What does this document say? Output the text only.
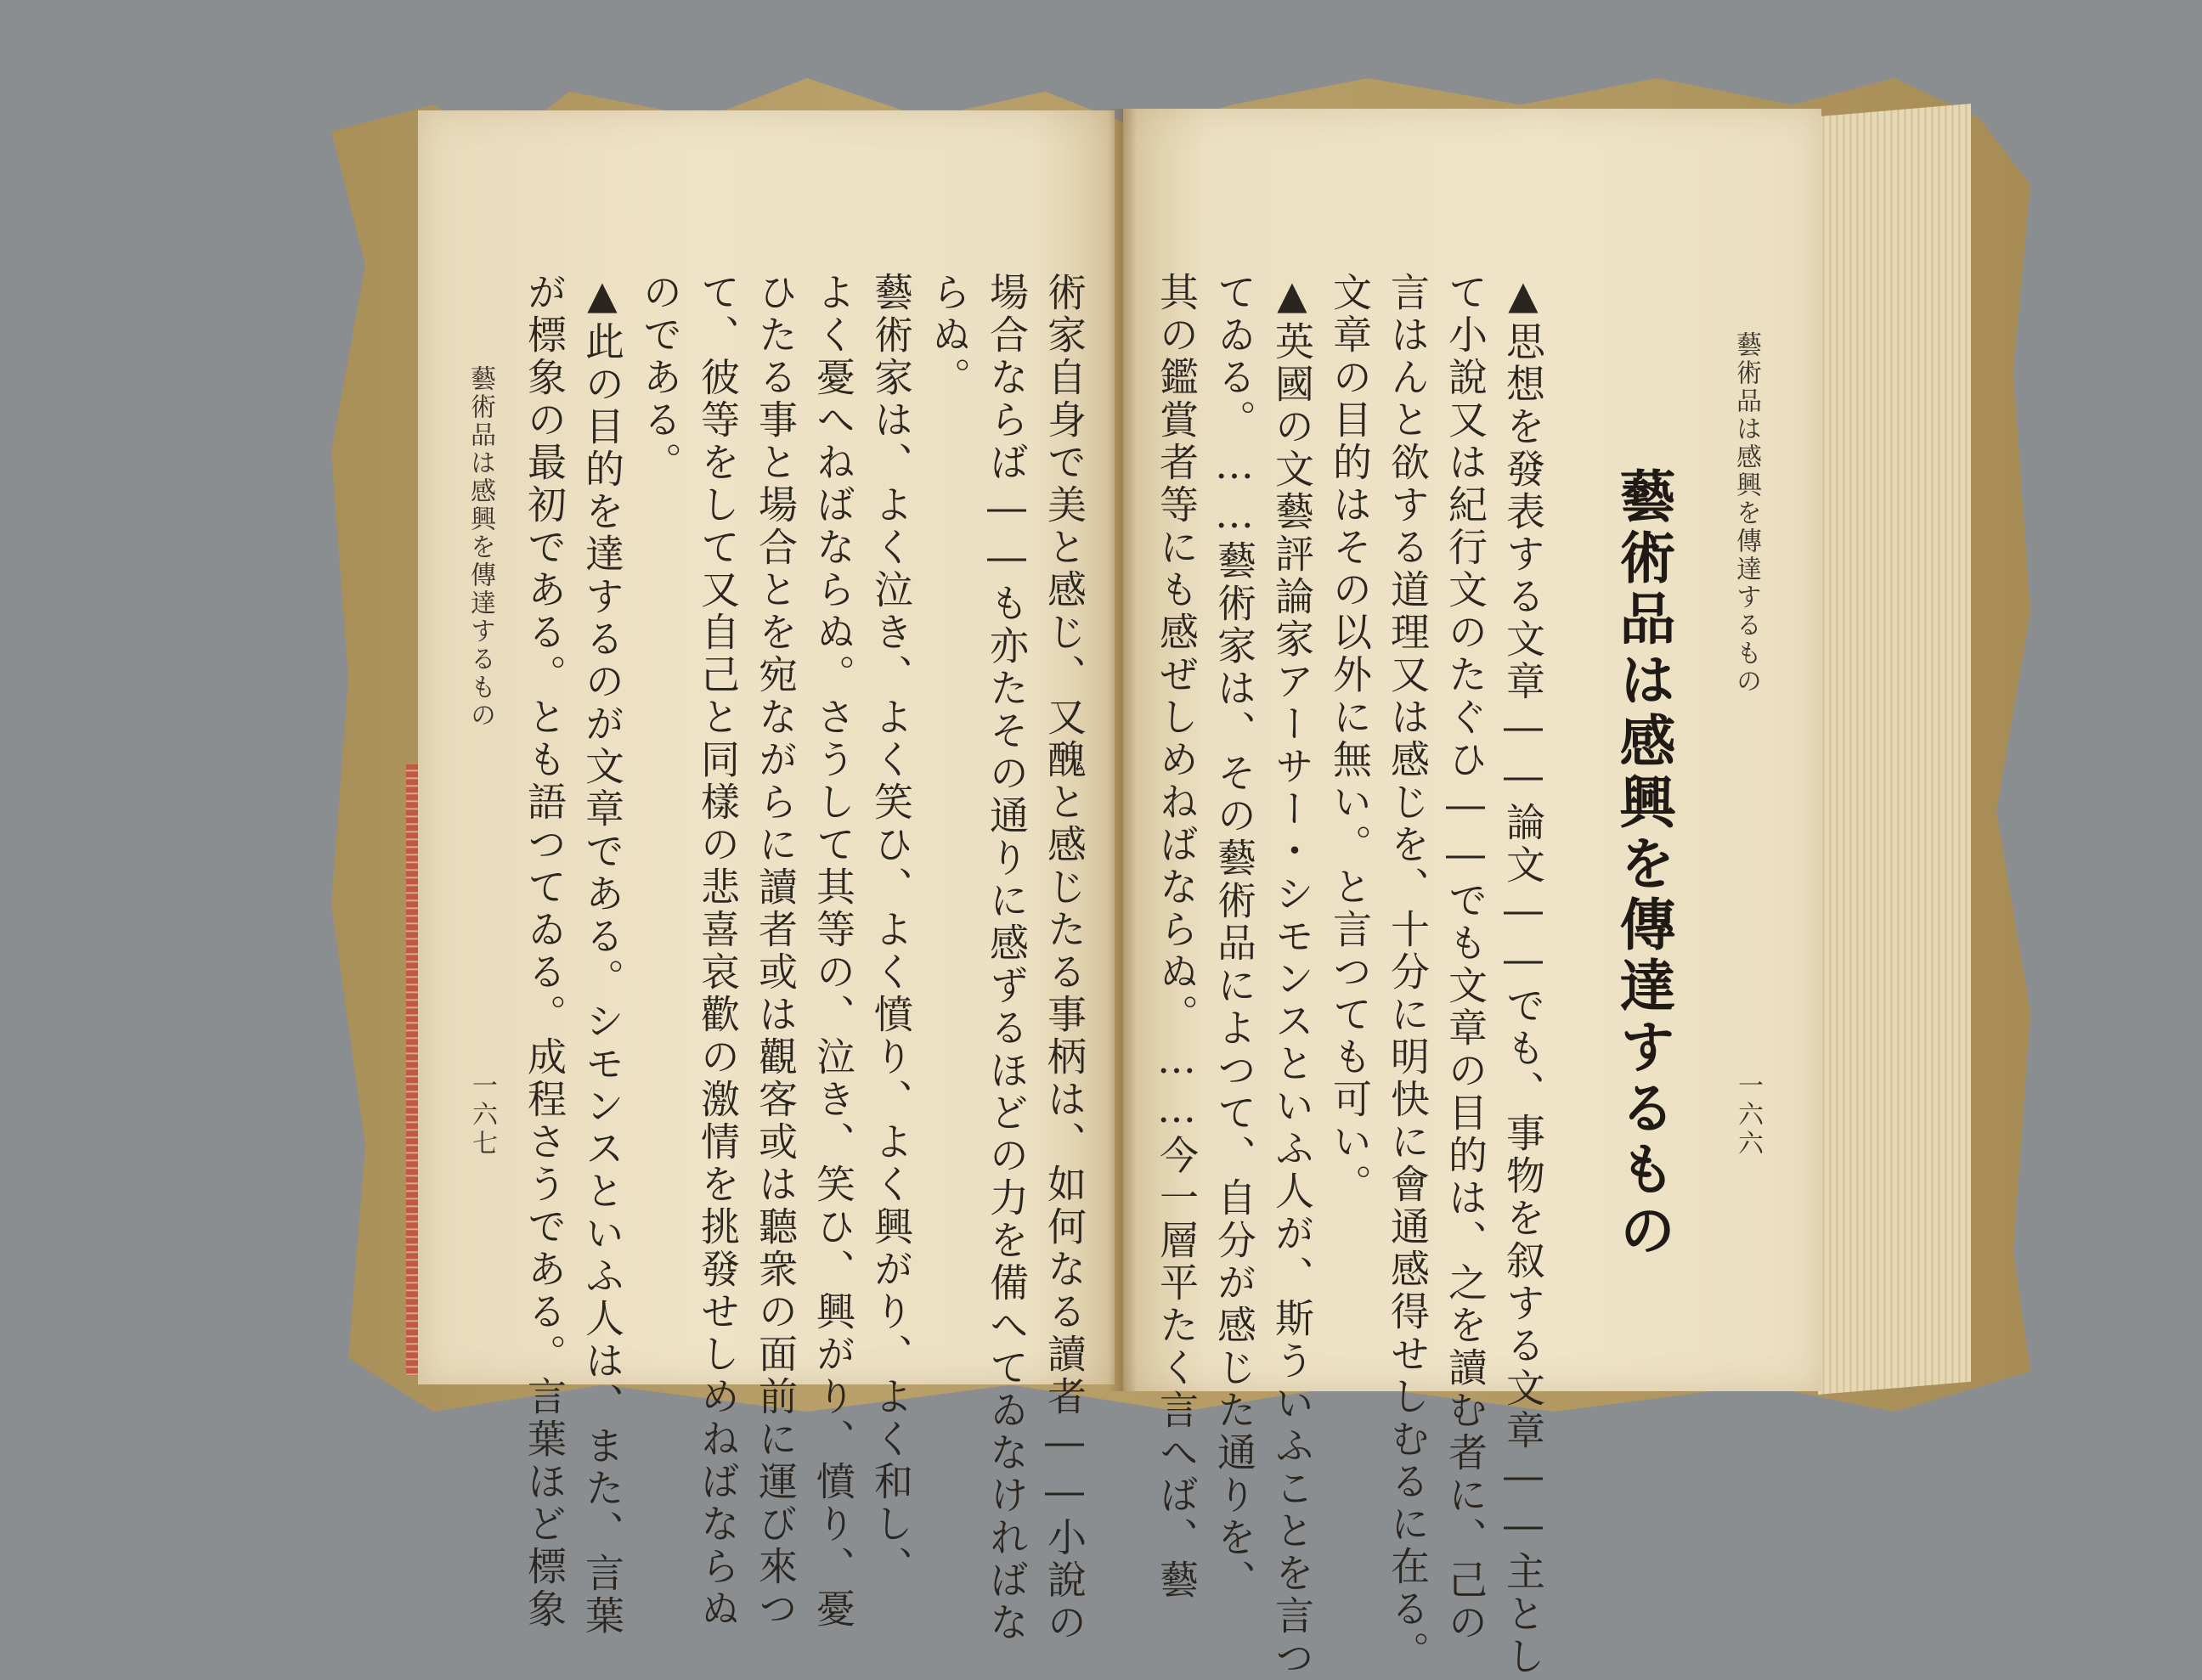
藝術品は感興を傳達するもの
一六六
藝術品は感興を傳達するもの
▲思想を發表する文章――論文――でも、事物を叙する文章――主とし
て小說又は紀行文のたぐひ――でも文章の目的は、之を讀む者に、己の
言はんと欲する道理又は感じを、十分に明快に會通感得せしむるに在る。
文章の目的はその以外に無い。と言つても可い。
▲英國の文藝評論家アーサー・シモンスといふ人が、斯ういふことを言つ
てゐる。……藝術家は、その藝術品によつて、自分が感じた通りを、
其の鑑賞者等にも感ぜしめねばならぬ。……今一層平たく言へば、藝
術家自身で美と感じ、又醜と感じたる事柄は、如何なる讀者――小說の
場合ならば――も亦たその通りに感ずるほどの力を備へてゐなければな
らぬ。
藝術家は、よく泣き、よく笑ひ、よく憤り、よく興がり、よく和し、
よく憂へねばならぬ。さうして其等の、泣き、笑ひ、興がり、憤り、憂
ひたる事と場合とを宛ながらに讀者或は觀客或は聽衆の面前に運び來つ
て、彼等をして又自己と同樣の悲喜哀歡の激情を挑發せしめねばならぬ
のである。
▲此の目的を達するのが文章である。シモンスといふ人は、また、言葉
が標象の最初である。とも語つてゐる。成程さうである。言葉ほど標象
藝術品は感興を傳達するもの
一六七
